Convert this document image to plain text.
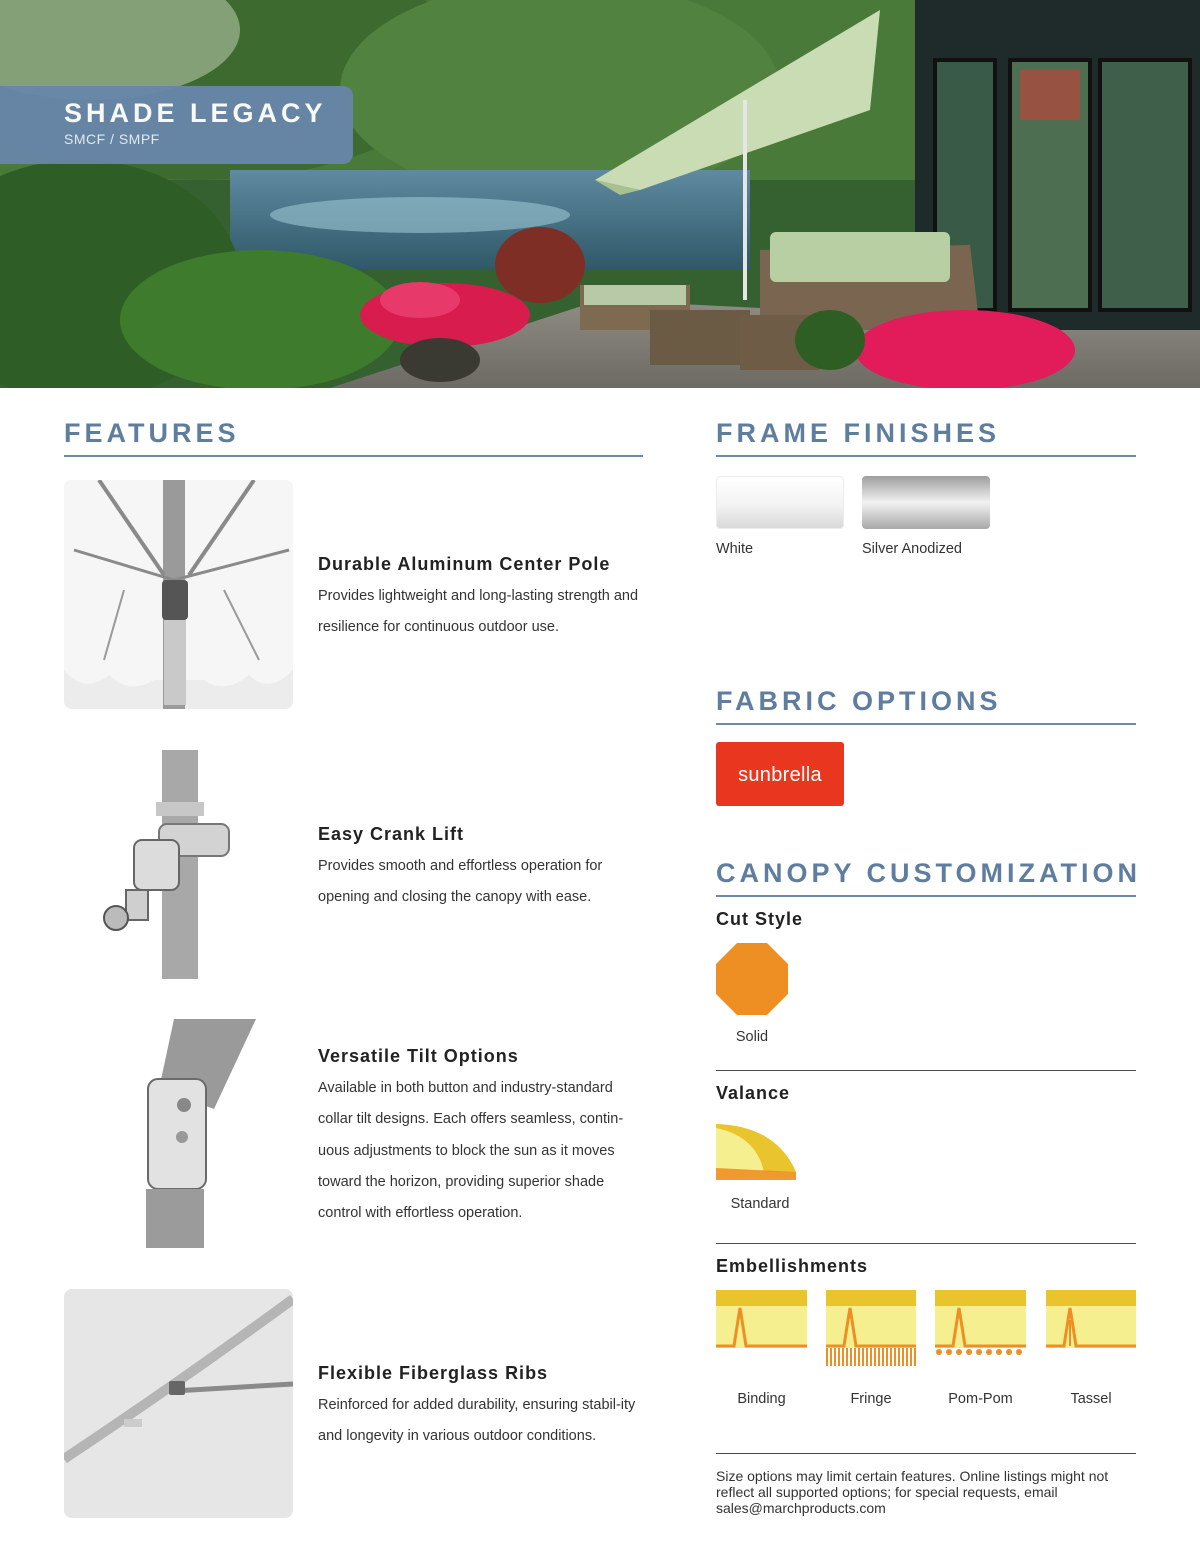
SHADE LEGACY
SMCF / SMPF
FEATURES
Durable Aluminum Center Pole
Provides lightweight and long-lasting strength and resilience for continuous outdoor use.
Easy Crank Lift
Provides smooth and effortless operation for opening and closing the canopy with ease.
Versatile Tilt Options
Available in both button and industry-standard collar tilt designs. Each offers seamless, contin-uous adjustments to block the sun as it moves toward the horizon, providing superior shade control with effortless operation.
Flexible Fiberglass Ribs
Reinforced for added durability, ensuring stabil-ity and longevity in various outdoor conditions.
FRAME FINISHES
White	Silver Anodized
FABRIC OPTIONS
sunbrella
CANOPY CUSTOMIZATION
Cut Style
Solid
Valance
Standard
Embellishments
Binding	Fringe	Pom-Pom	Tassel
Size options may limit certain features. Online listings might not reflect all supported options; for special requests, email sales@marchproducts.com
